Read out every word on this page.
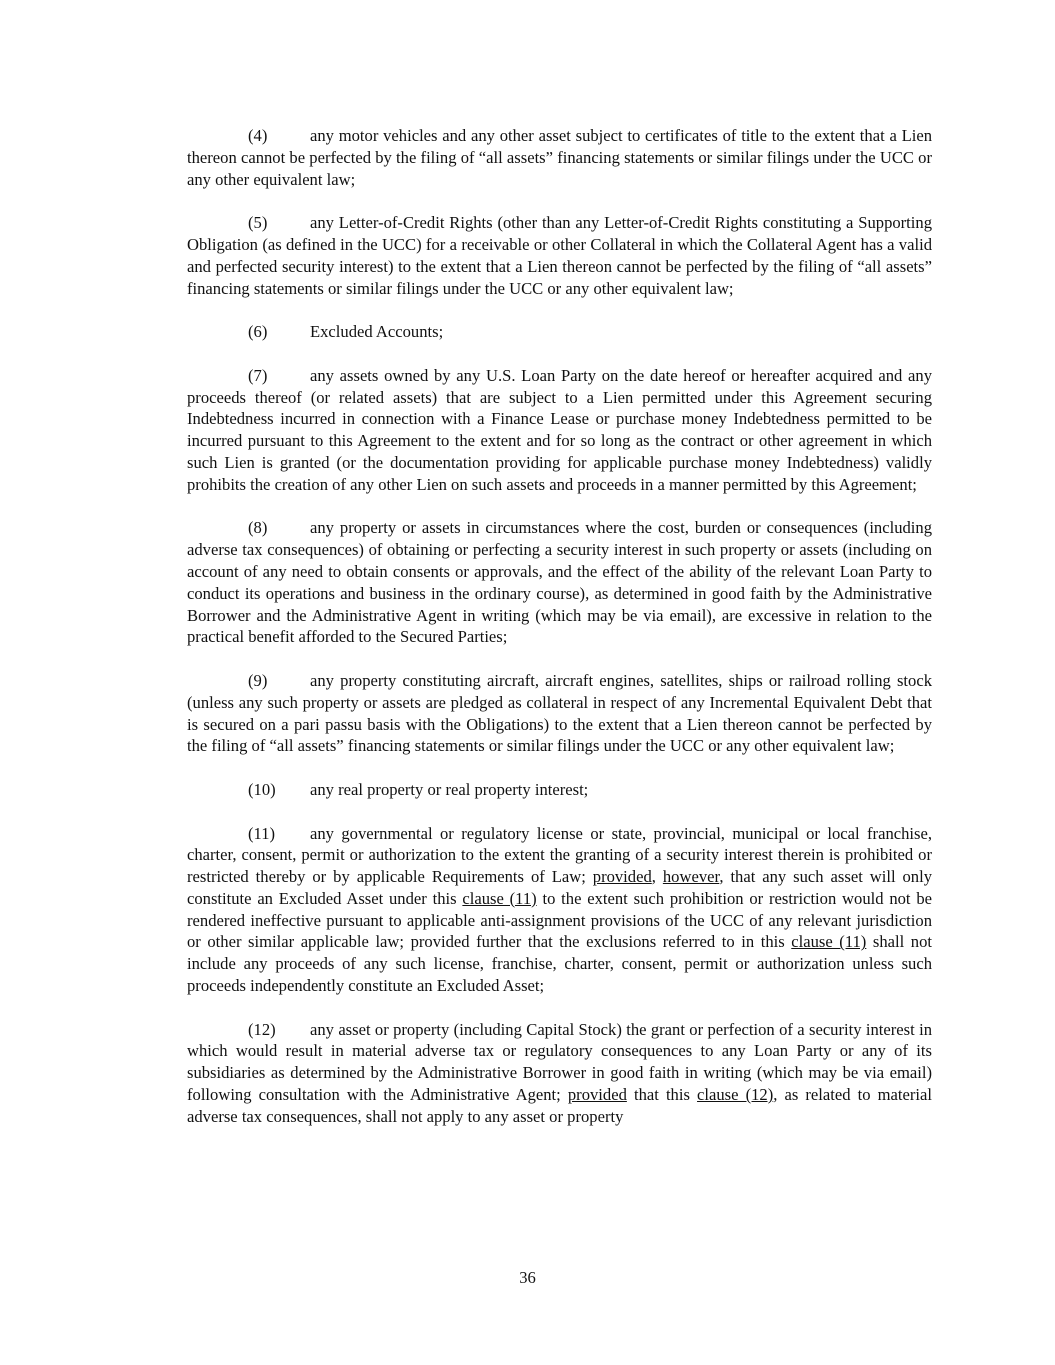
(4)	any motor vehicles and any other asset subject to certificates of title to the extent that a Lien thereon cannot be perfected by the filing of “all assets” financing statements or similar filings under the UCC or any other equivalent law;

(5)	any Letter-of-Credit Rights (other than any Letter-of-Credit Rights constituting a Supporting Obligation (as defined in the UCC) for a receivable or other Collateral in which the Collateral Agent has a valid and perfected security interest) to the extent that a Lien thereon cannot be perfected by the filing of “all assets” financing statements or similar filings under the UCC or any other equivalent law;

(6)	Excluded Accounts;

(7)	any assets owned by any U.S. Loan Party on the date hereof or hereafter acquired and any proceeds thereof (or related assets) that are subject to a Lien permitted under this Agreement securing Indebtedness incurred in connection with a Finance Lease or purchase money Indebtedness permitted to be incurred pursuant to this Agreement to the extent and for so long as the contract or other agreement in which such Lien is granted (or the documentation providing for applicable purchase money Indebtedness) validly prohibits the creation of any other Lien on such assets and proceeds in a manner permitted by this Agreement;

(8)	any property or assets in circumstances where the cost, burden or consequences (including adverse tax consequences) of obtaining or perfecting a security interest in such property or assets (including on account of any need to obtain consents or approvals, and the effect of the ability of the relevant Loan Party to conduct its operations and business in the ordinary course), as determined in good faith by the Administrative Borrower and the Administrative Agent in writing (which may be via email), are excessive in relation to the practical benefit afforded to the Secured Parties;

(9)	any property constituting aircraft, aircraft engines, satellites, ships or railroad rolling stock (unless any such property or assets are pledged as collateral in respect of any Incremental Equivalent Debt that is secured on a pari passu basis with the Obligations) to the extent that a Lien thereon cannot be perfected by the filing of “all assets” financing statements or similar filings under the UCC or any other equivalent law;

(10) any real property or real property interest;

(11) any governmental or regulatory license or state, provincial, municipal or local franchise, charter, consent, permit or authorization to the extent the granting of a security interest therein is prohibited or restricted thereby or by applicable Requirements of Law; provided, however, that any such asset will only constitute an Excluded Asset under this clause (11) to the extent such prohibition or restriction would not be rendered ineffective pursuant to applicable anti-assignment provisions of the UCC of any relevant jurisdiction or other similar applicable law; provided further that the exclusions referred to in this clause (11) shall not include any proceeds of any such license, franchise, charter, consent, permit or authorization unless such proceeds independently constitute an Excluded Asset;

(12) any asset or property (including Capital Stock) the grant or perfection of a security interest in which would result in material adverse tax or regulatory consequences to any Loan Party or any of its subsidiaries as determined by the Administrative Borrower in good faith in writing (which may be via email) following consultation with the Administrative Agent; provided that this clause (12), as related to material adverse tax consequences, shall not apply to any asset or property

36
